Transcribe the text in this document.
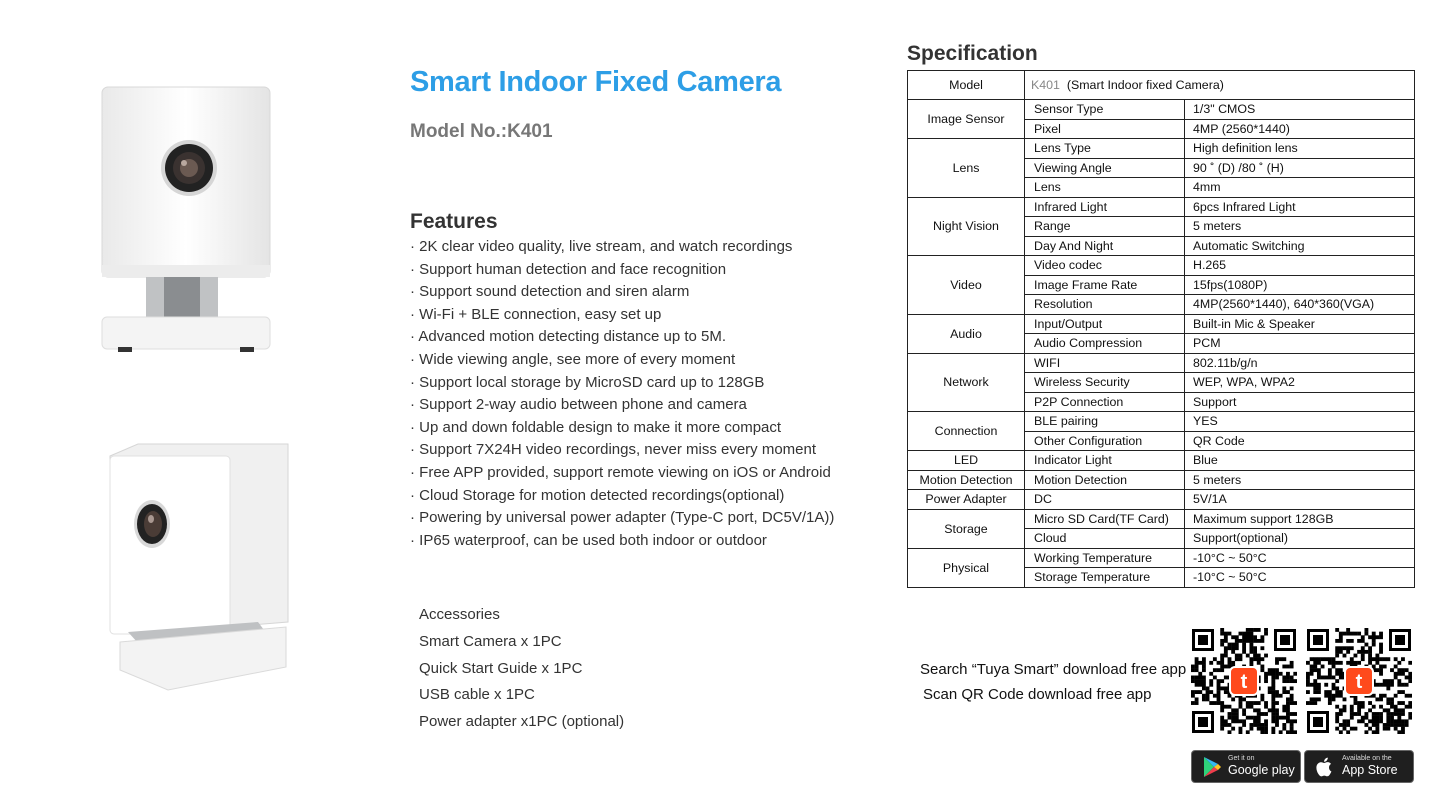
Smart Indoor Fixed Camera
Model No.:K401
Features
· 2K clear video quality, live stream, and watch recordings
· Support human detection and face recognition
· Support sound detection and siren alarm
· Wi-Fi + BLE connection, easy set up
· Advanced motion detecting distance up to 5M.
· Wide viewing angle, see more of every moment
· Support local storage by MicroSD card up to 128GB
· Support 2-way audio between phone and camera
· Up and down foldable design to make it more compact
· Support 7X24H video recordings, never miss every moment
· Free APP provided, support remote viewing on iOS or Android
· Cloud Storage for motion detected recordings(optional)
· Powering by universal power adapter (Type-C port, DC5V/1A))
· IP65 waterproof, can be used both indoor or outdoor
Accessories
Smart Camera x 1PC
Quick Start Guide x 1PC
USB cable x 1PC
Power adapter x1PC (optional)
Specification
Model	K401 (Smart Indoor fixed Camera)	
Image Sensor	Sensor Type	1/3" CMOS
	Pixel	4MP (2560*1440)
Lens	Lens Type	High definition lens
	Viewing Angle	90 ˚ (D) /80 ˚ (H)
	Lens	4mm
Night Vision	Infrared Light	6pcs Infrared Light
	Range	5 meters
	Day And Night	Automatic Switching
Video	Video codec	H.265
	Image Frame Rate	15fps(1080P)
	Resolution	4MP(2560*1440), 640*360(VGA)
Audio	Input/Output	Built-in Mic & Speaker
	Audio Compression	PCM
Network	WIFI	802.11b/g/n
	Wireless Security	WEP, WPA, WPA2
	P2P Connection	Support
Connection	BLE pairing	YES
	Other Configuration	QR Code
LED	Indicator Light	Blue
Motion Detection	Motion Detection	5 meters
Power Adapter	DC	5V/1A
Storage	Micro SD Card(TF Card)	Maximum support 128GB
	Cloud	Support(optional)
Physical	Working Temperature	-10°C ~ 50°C
	Storage Temperature	-10°C ~ 50°C
Search “Tuya Smart” download free app
Scan QR Code download free app
t	t
Get it on
Google play
Available on the
App Store
